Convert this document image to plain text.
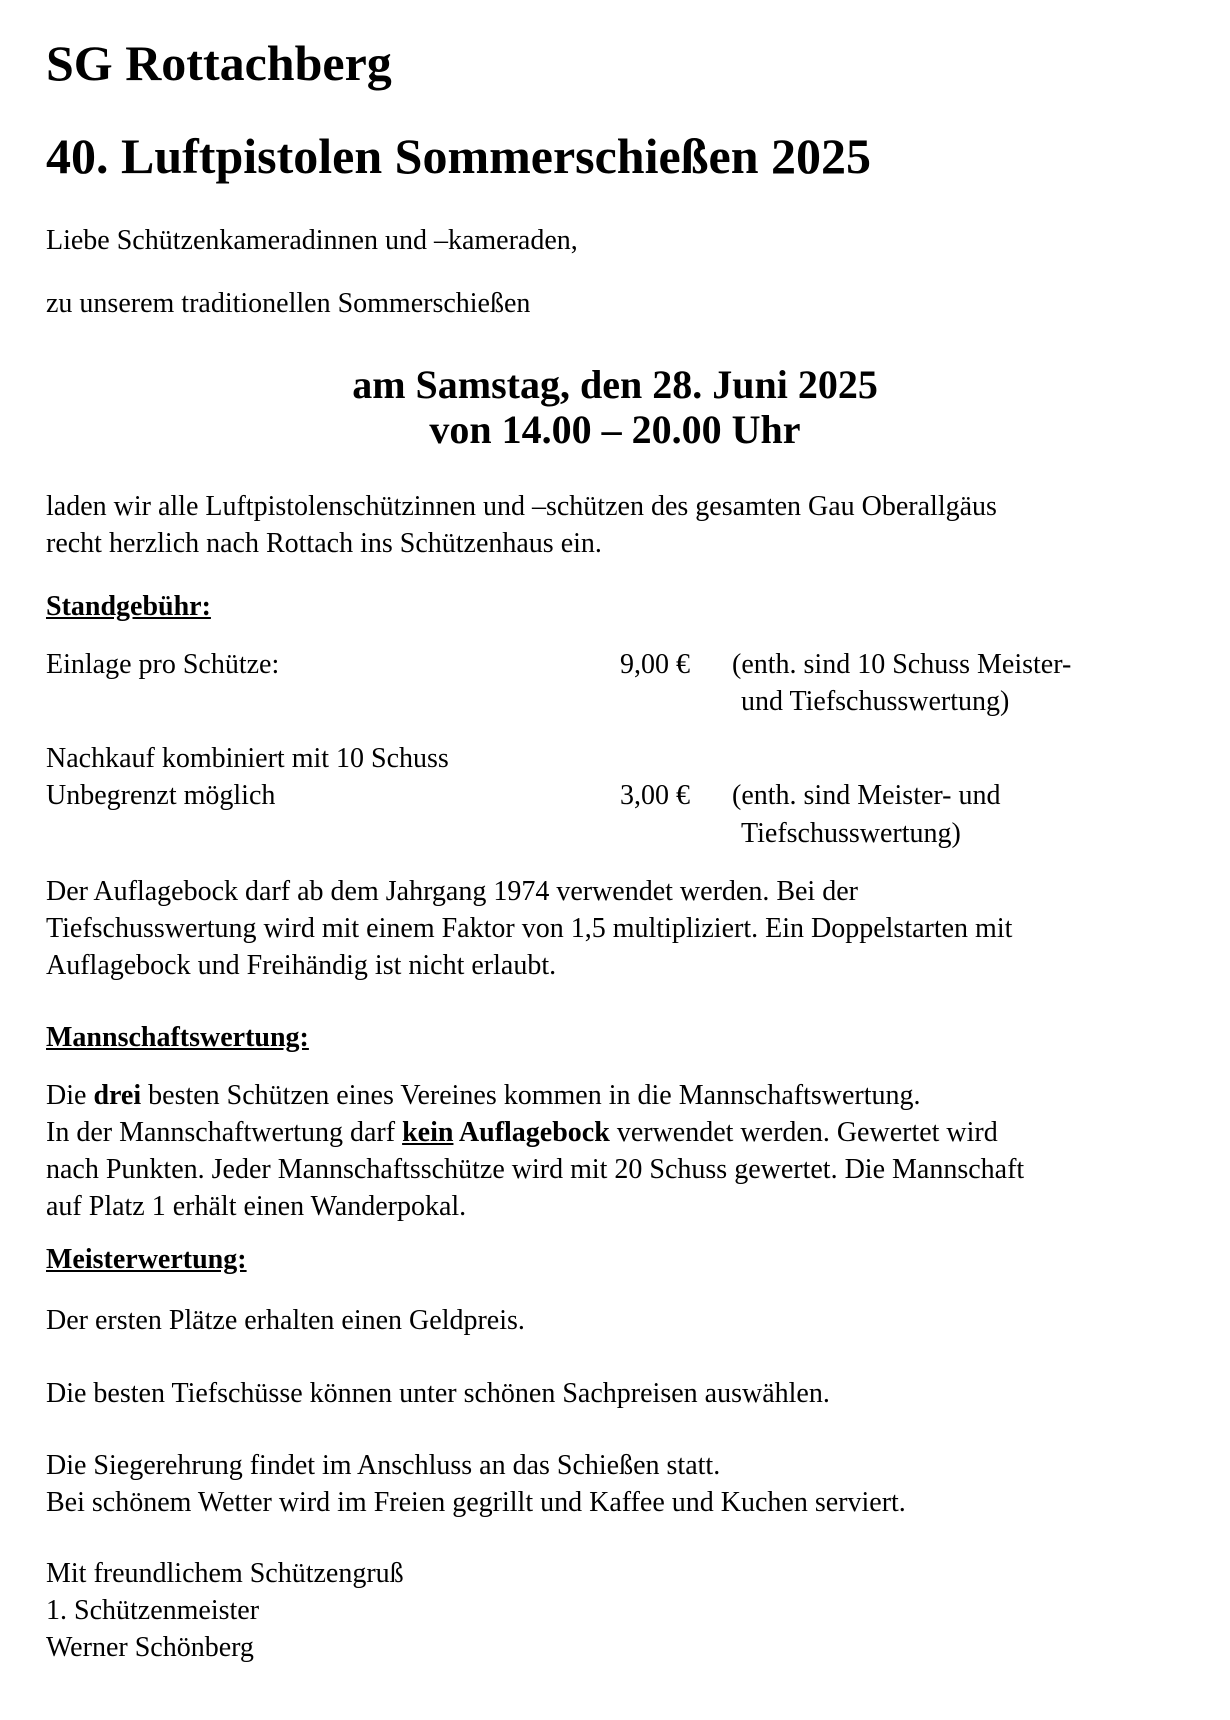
SG Rottachberg
40. Luftpistolen Sommerschießen 2025
Liebe Schützenkameradinnen und –kameraden,
zu unserem traditionellen Sommerschießen
am Samstag, den 28. Juni 2025
von 14.00 – 20.00 Uhr
laden wir alle Luftpistolenschützinnen und –schützen des gesamten Gau Oberallgäus
recht herzlich nach Rottach ins Schützenhaus ein.
Standgebühr:
Einlage pro Schütze:	9,00 € (enth. sind 10 Schuss Meister-
und Tiefschusswertung)
Nachkauf kombiniert mit 10 Schuss
Unbegrenzt möglich	3,00 € (enth. sind Meister- und
Tiefschusswertung)
Der Auflagebock darf ab dem Jahrgang 1974 verwendet werden. Bei der
Tiefschusswertung wird mit einem Faktor von 1,5 multipliziert. Ein Doppelstarten mit
Auflagebock und Freihändig ist nicht erlaubt.
Mannschaftswertung:
Die drei besten Schützen eines Vereines kommen in die Mannschaftswertung.
In der Mannschaftwertung darf kein Auflagebock verwendet werden. Gewertet wird
nach Punkten. Jeder Mannschaftsschütze wird mit 20 Schuss gewertet. Die Mannschaft
auf Platz 1 erhält einen Wanderpokal.
Meisterwertung:
Der ersten Plätze erhalten einen Geldpreis.
Die besten Tiefschüsse können unter schönen Sachpreisen auswählen.
Die Siegerehrung findet im Anschluss an das Schießen statt.
Bei schönem Wetter wird im Freien gegrillt und Kaffee und Kuchen serviert.
Mit freundlichem Schützengruß
1. Schützenmeister
Werner Schönberg
